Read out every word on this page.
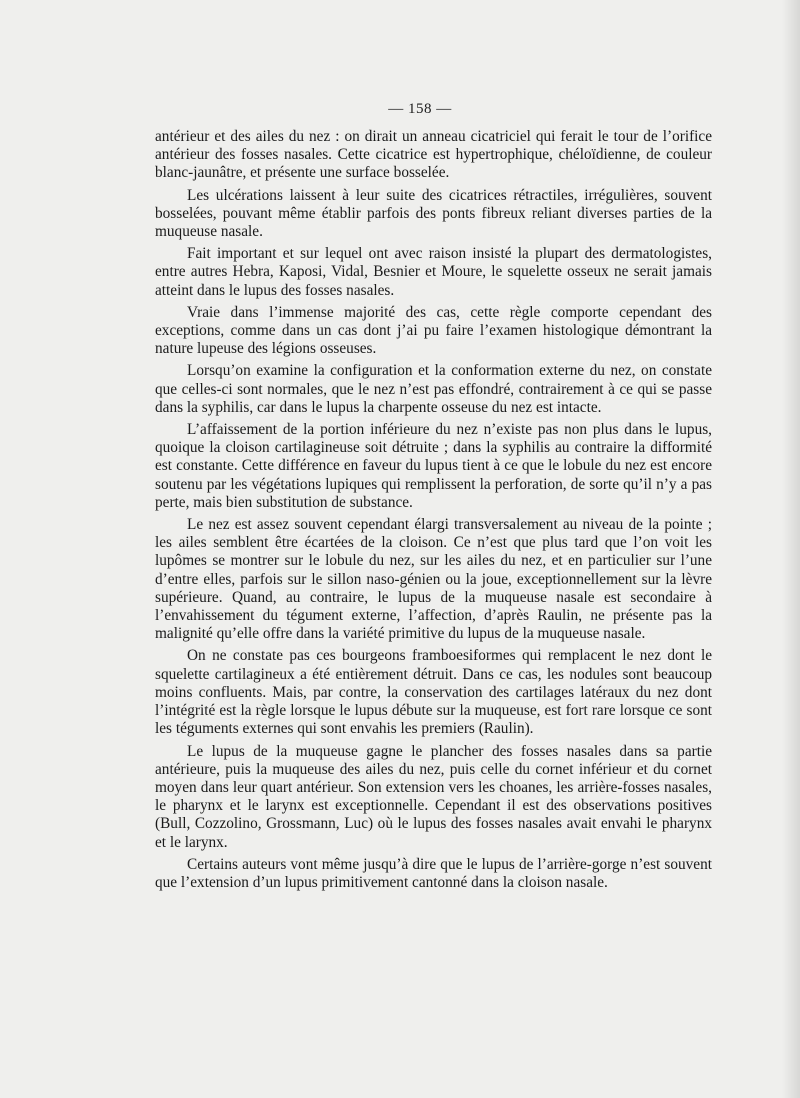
— 158 —

antérieur et des ailes du nez : on dirait un anneau cicatriciel qui ferait le tour de l’orifice antérieur des fosses nasales. Cette cicatrice est hypertrophique, chéloïdienne, de couleur blanc-jaunâtre, et présente une surface bosselée.

Les ulcérations laissent à leur suite des cicatrices rétractiles, irrégulières, souvent bosselées, pouvant même établir parfois des ponts fibreux reliant diverses parties de la muqueuse nasale.

Fait important et sur lequel ont avec raison insisté la plupart des dermatologistes, entre autres Hebra, Kaposi, Vidal, Besnier et Moure, le squelette osseux ne serait jamais atteint dans le lupus des fosses nasales.

Vraie dans l’immense majorité des cas, cette règle comporte cependant des exceptions, comme dans un cas dont j’ai pu faire l’examen histologique démontrant la nature lupeuse des légions osseuses.

Lorsqu’on examine la configuration et la conformation externe du nez, on constate que celles-ci sont normales, que le nez n’est pas effondré, contrairement à ce qui se passe dans la syphilis, car dans le lupus la charpente osseuse du nez est intacte.

L’affaissement de la portion inférieure du nez n’existe pas non plus dans le lupus, quoique la cloison cartilagineuse soit détruite ; dans la syphilis au contraire la difformité est constante. Cette différence en faveur du lupus tient à ce que le lobule du nez est encore soutenu par les végétations lupiques qui remplissent la perforation, de sorte qu’il n’y a pas perte, mais bien substitution de substance.

Le nez est assez souvent cependant élargi transversalement au niveau de la pointe ; les ailes semblent être écartées de la cloison. Ce n’est que plus tard que l’on voit les lupômes se montrer sur le lobule du nez, sur les ailes du nez, et en particulier sur l’une d’entre elles, parfois sur le sillon naso-génien ou la joue, exceptionnellement sur la lèvre supérieure. Quand, au contraire, le lupus de la muqueuse nasale est secondaire à l’envahissement du tégument externe, l’affection, d’après Raulin, ne présente pas la malignité qu’elle offre dans la variété primitive du lupus de la muqueuse nasale.

On ne constate pas ces bourgeons framboesiformes qui remplacent le nez dont le squelette cartilagineux a été entièrement détruit. Dans ce cas, les nodules sont beaucoup moins confluents. Mais, par contre, la conservation des cartilages latéraux du nez dont l’intégrité est la règle lorsque le lupus débute sur la muqueuse, est fort rare lorsque ce sont les téguments externes qui sont envahis les premiers (Raulin).

Le lupus de la muqueuse gagne le plancher des fosses nasales dans sa partie antérieure, puis la muqueuse des ailes du nez, puis celle du cornet inférieur et du cornet moyen dans leur quart antérieur. Son extension vers les choanes, les arrière-fosses nasales, le pharynx et le larynx est exceptionnelle. Cependant il est des observations positives (Bull, Cozzolino, Grossmann, Luc) où le lupus des fosses nasales avait envahi le pharynx et le larynx.

Certains auteurs vont même jusqu’à dire que le lupus de l’arrière-gorge n’est souvent que l’extension d’un lupus primitivement cantonné dans la cloison nasale.
